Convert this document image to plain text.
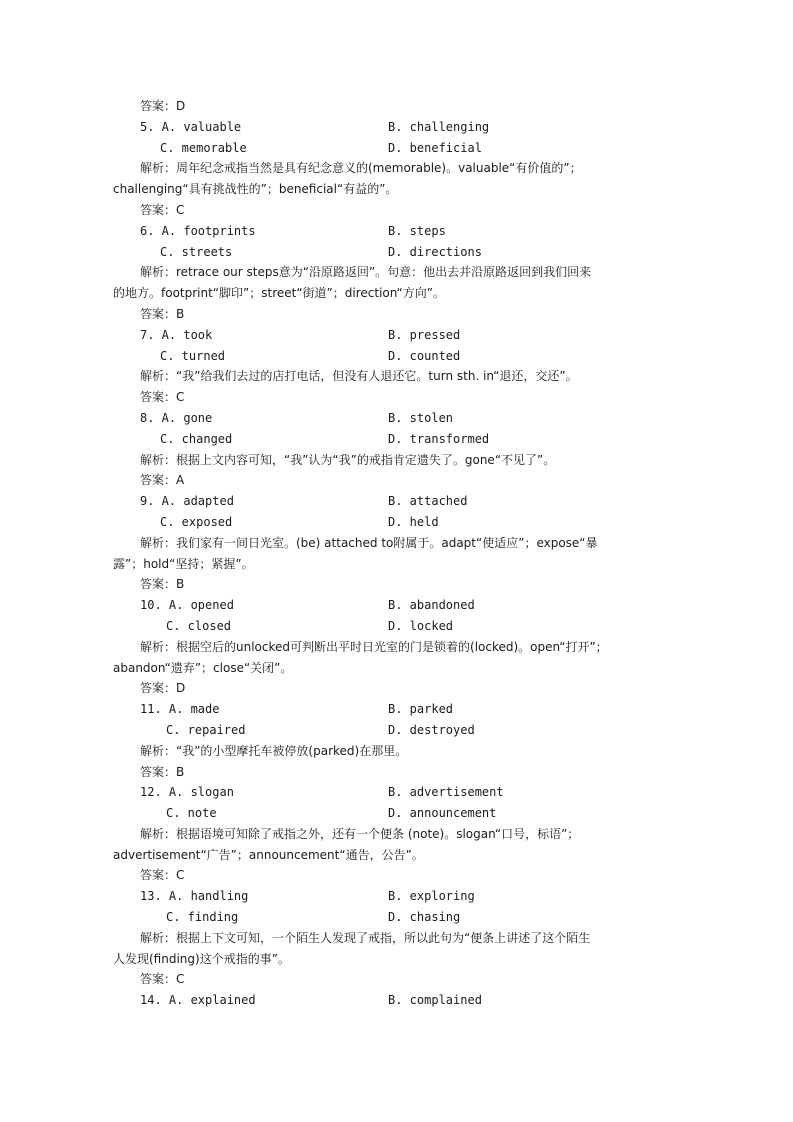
答案：D
5. A. valuable	B. challenging
C. memorable	D. beneficial
解析：周年纪念戒指当然是具有纪念意义的(memorable)。valuable“有价值的”；
challenging“具有挑战性的”；beneficial“有益的”。
答案：C
6. A. footprints	B. steps
C. streets	D. directions
解析：retrace our steps意为“沿原路返回”。句意：他出去并沿原路返回到我们回来
的地方。footprint“脚印”；street“街道”；direction“方向”。
答案：B
7. A. took	B. pressed
C. turned	D. counted
解析：“我”给我们去过的店打电话，但没有人退还它。turn sth. in“退还，交还”。
答案：C
8. A. gone	B. stolen
C. changed	D. transformed
解析：根据上文内容可知，“我”认为“我”的戒指肯定遗失了。gone“不见了”。
答案：A
9. A. adapted	B. attached
C. exposed	D. held
解析：我们家有一间日光室。(be) attached to附属于。adapt“使适应”；expose“暴
露”；hold“坚持；紧握”。
答案：B
10. A. opened	B. abandoned
C. closed	D. locked
解析：根据空后的unlocked可判断出平时日光室的门是锁着的(locked)。open“打开”；
abandon“遗弃”；close“关闭”。
答案：D
11. A. made	B. parked
C. repaired	D. destroyed
解析：“我”的小型摩托车被停放(parked)在那里。
答案：B
12. A. slogan	B. advertisement
C. note	D. announcement
解析：根据语境可知除了戒指之外，还有一个便条 (note)。slogan“口号，标语”；
advertisement“广告”；announcement“通告，公告”。
答案：C
13. A. handling	B. exploring
C. finding	D. chasing
解析：根据上下文可知，一个陌生人发现了戒指，所以此句为“便条上讲述了这个陌生
人发现(finding)这个戒指的事”。
答案：C
14. A. explained	B. complained
